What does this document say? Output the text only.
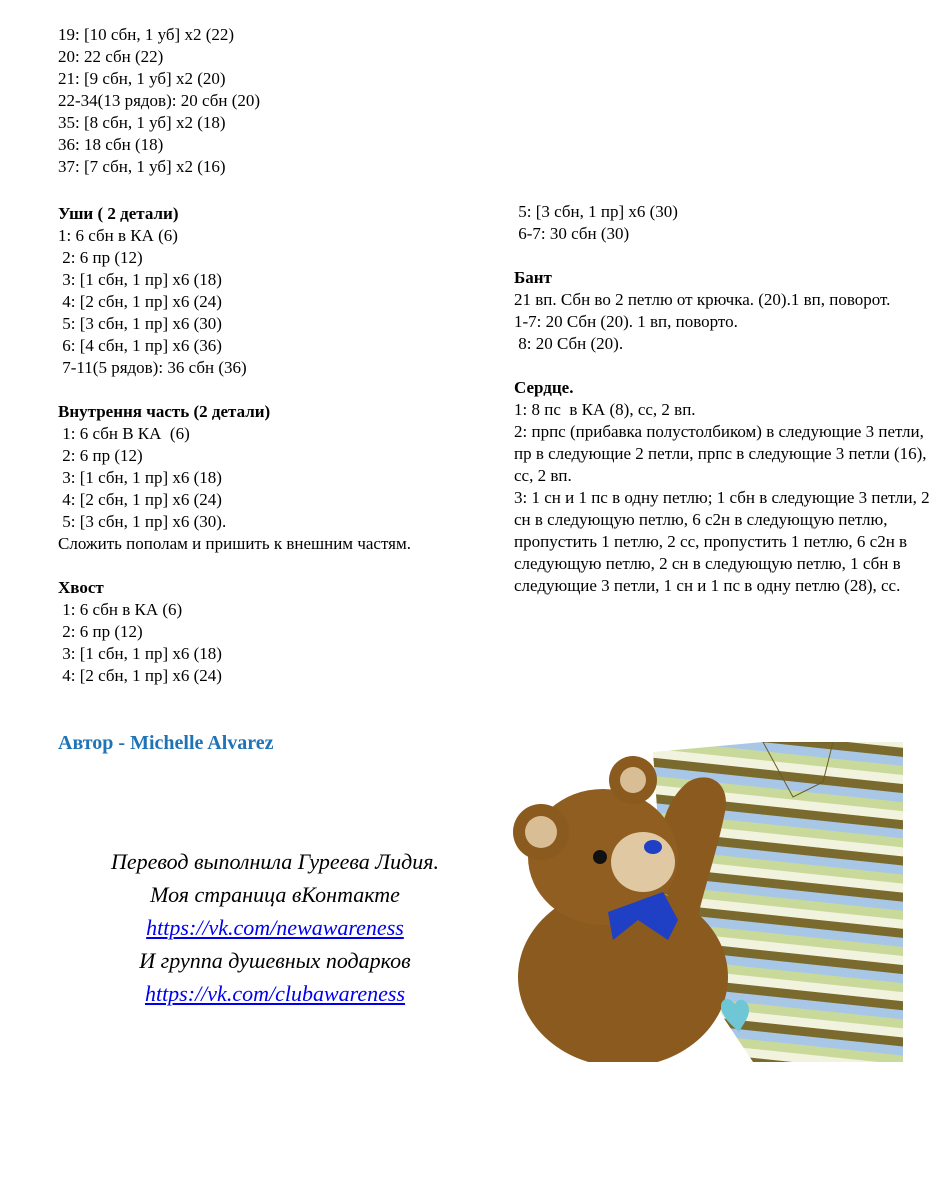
19: [10 сбн, 1 уб] х2 (22)
20: 22 сбн (22)
21: [9 сбн, 1 уб] х2 (20)
22-34(13 рядов): 20 сбн (20)
35: [8 сбн, 1 уб] х2 (18)
36: 18 сбн (18)
37: [7 сбн, 1 уб] х2 (16)
Уши ( 2 детали)
1: 6 сбн в КА (6)
2: 6 пр (12)
3: [1 сбн, 1 пр] х6 (18)
4: [2 сбн, 1 пр] х6 (24)
5: [3 сбн, 1 пр] х6 (30)
6: [4 сбн, 1 пр] х6 (36)
7-11(5 рядов): 36 сбн (36)
Внутрення часть (2 детали)
1: 6 сбн В КА  (6)
2: 6 пр (12)
3: [1 сбн, 1 пр] х6 (18)
4: [2 сбн, 1 пр] х6 (24)
5: [3 сбн, 1 пр] х6 (30).
Сложить пополам и пришить к внешним частям.
Хвост
1: 6 сбн в КА (6)
2: 6 пр (12)
3: [1 сбн, 1 пр] х6 (18)
4: [2 сбн, 1 пр] х6 (24)
5: [3 сбн, 1 пр] х6 (30)
6-7: 30 сбн (30)
Бант
21 вп. Сбн во 2 петлю от крючка. (20).1 вп, поворот.
1-7: 20 Сбн (20). 1 вп, поворто.
8: 20 Сбн (20).
Сердце.
1: 8 пс  в КА (8), сс, 2 вп.
2: прпс (прибавка полустолбиком) в следующие 3 петли, пр в следующие 2 петли, прпс в следующие 3 петли (16), сс, 2 вп.
3: 1 сн и 1 пс в одну петлю; 1 сбн в следующие 3 петли, 2 сн в следующую петлю, 6 с2н в следующую петлю, пропустить 1 петлю, 2 сс, пропустить 1 петлю, 6 с2н в следующую петлю, 2 сн в следующую петлю, 1 сбн в следующие 3 петли, 1 сн и 1 пс в одну петлю (28), сс.
Автор - Michelle Alvarez
Перевод выполнила Гуреева Лидия.
Моя страница вКонтакте
https://vk.com/newawareness
И группа душевных подарков
https://vk.com/clubawareness
